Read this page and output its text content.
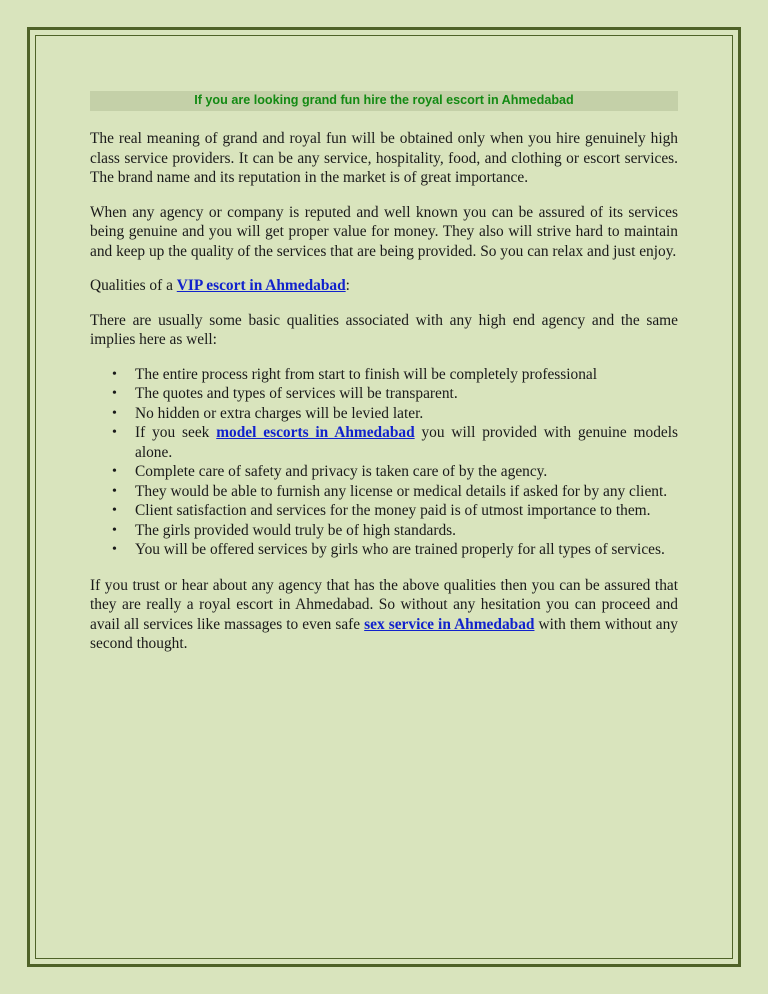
If you are looking grand fun hire the royal escort in Ahmedabad

The real meaning of grand and royal fun will be obtained only when you hire genuinely high class service providers. It can be any service, hospitality, food, and clothing or escort services. The brand name and its reputation in the market is of great importance.

When any agency or company is reputed and well known you can be assured of its services being genuine and you will get proper value for money. They also will strive hard to maintain and keep up the quality of the services that are being provided. So you can relax and just enjoy.

Qualities of a VIP escort in Ahmedabad:

There are usually some basic qualities associated with any high end agency and the same implies here as well:

• The entire process right from start to finish will be completely professional
• The quotes and types of services will be transparent.
• No hidden or extra charges will be levied later.
• If you seek model escorts in Ahmedabad you will provided with genuine models alone.
• Complete care of safety and privacy is taken care of by the agency.
• They would be able to furnish any license or medical details if asked for by any client.
• Client satisfaction and services for the money paid is of utmost importance to them.
• The girls provided would truly be of high standards.
• You will be offered services by girls who are trained properly for all types of services.

If you trust or hear about any agency that has the above qualities then you can be assured that they are really a royal escort in Ahmedabad. So without any hesitation you can proceed and avail all services like massages to even safe sex service in Ahmedabad with them without any second thought.
